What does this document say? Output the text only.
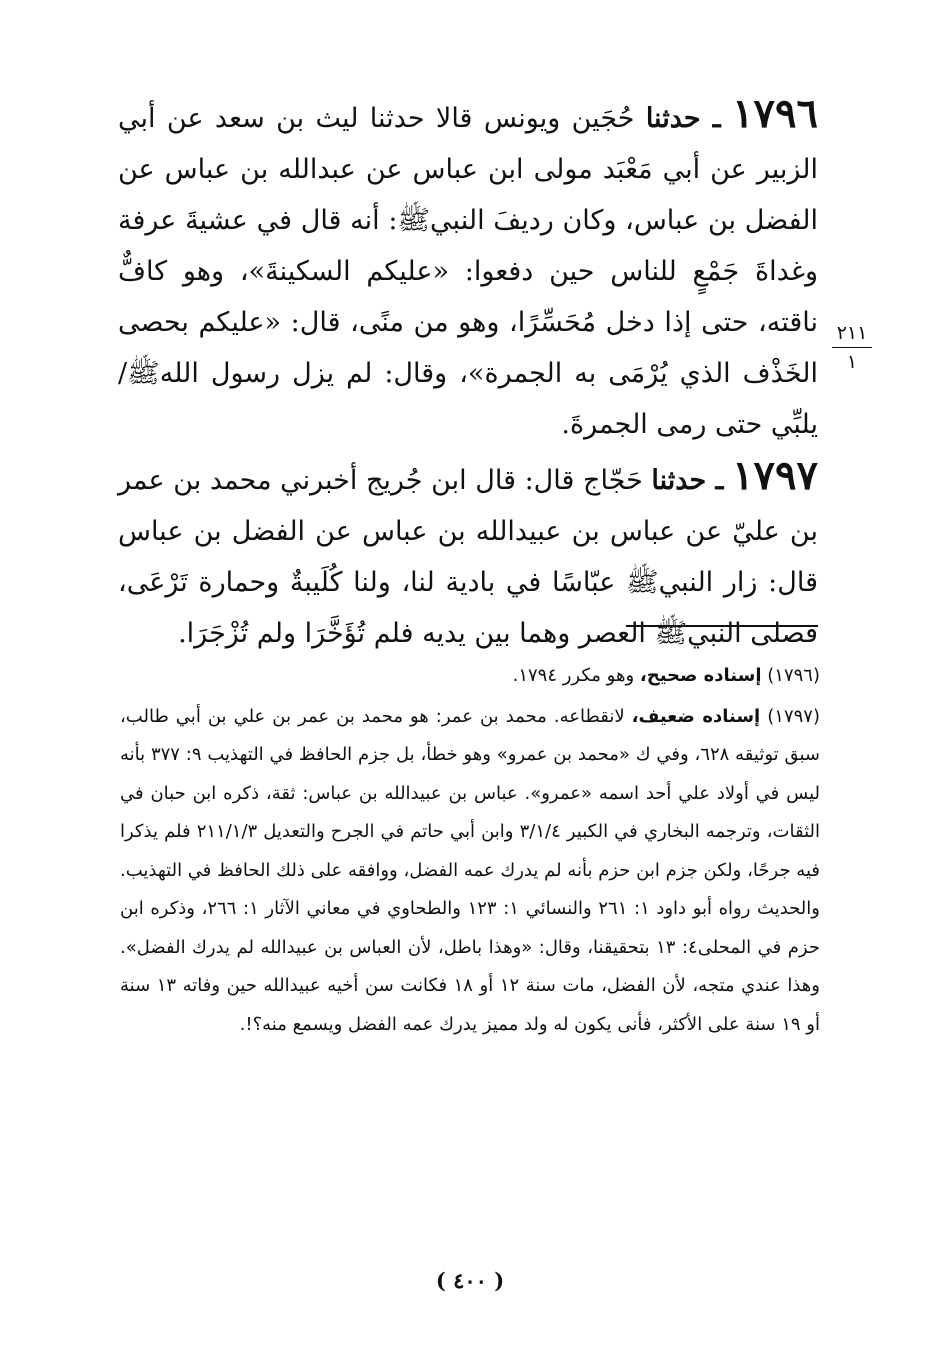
١٧٩٦ ـ حدثنا حُجَين ويونس قالا حدثنا ليث بن سعد عن أبي الزبير عن أبي مَعْبَد مولى ابن عباس عن عبدالله بن عباس عن الفضل بن عباس، وكان رديفَ النبيﷺ: أنه قال في عشيةَ عرفة وغداةَ جَمْعٍ للناس حين دفعوا: «عليكم السكينةَ»، وهو كافٌّ ناقته، حتى إذا دخل مُحَسِّرًا، وهو من منًى، قال: «عليكم بحصى الخَذْف الذي يُرْمَى به الجمرة»، وقال: لم يزل رسول اللهﷺ/ يلبِّي حتى رمى الجمرةَ.

١٧٩٧ ـ حدثنا حَجّاج قال: قال ابن جُريج أخبرني محمد بن عمر بن عليّ عن عباس بن عبيدالله بن عباس عن الفضل بن عباس قال: زار النبيﷺ عبّاسًا في بادية لنا، ولنا كُلَيبةٌ وحمارة تَرْعَى، فصلى النبيﷺ العصر وهما بين يديه فلم تُؤَخَّرَا ولم تُزْجَرَا.

٢١١
١

(١٧٩٦) إسناده صحيح، وهو مكرر ١٧٩٤.

(١٧٩٧) إسناده ضعيف، لانقطاعه. محمد بن عمر: هو محمد بن عمر بن علي بن أبي طالب، سبق توثيقه ٦٢٨، وفي ك «محمد بن عمرو» وهو خطأ، بل جزم الحافظ في التهذيب ٩: ٣٧٧ بأنه ليس في أولاد علي أحد اسمه «عمرو». عباس بن عبيدالله بن عباس: ثقة، ذكره ابن حبان في الثقات، وترجمه البخاري في الكبير ٣/١/٤ وابن أبي حاتم في الجرح والتعديل ٢١١/١/٣ فلم يذكرا فيه جرحًا، ولكن جزم ابن حزم بأنه لم يدرك عمه الفضل، ووافقه على ذلك الحافظ في التهذيب. والحديث رواه أبو داود ١: ٢٦١ والنسائي ١: ١٢٣ والطحاوي في معاني الآثار ١: ٢٦٦، وذكره ابن حزم في المحلى٤: ١٣ بتحقيقنا، وقال: «وهذا باطل، لأن العباس بن عبيدالله لم يدرك الفضل». وهذا عندي متجه، لأن الفضل، مات سنة ١٢ أو ١٨ فكانت سن أخيه عبيدالله حين وفاته ١٣ سنة أو ١٩ سنة على الأكثر، فأنى يكون له ولد مميز يدرك عمه الفضل ويسمع منه؟!.

( ٤٠٠ )
